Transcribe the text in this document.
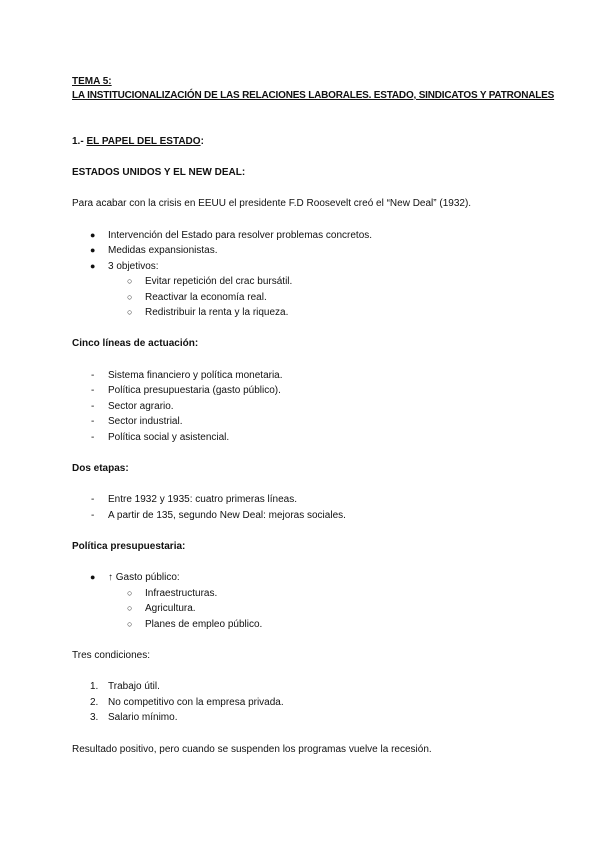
TEMA 5:
LA INSTITUCIONALIZACIÓN DE LAS RELACIONES LABORALES. ESTADO, SINDICATOS Y PATRONALES
1.- EL PAPEL DEL ESTADO:
ESTADOS UNIDOS Y EL NEW DEAL:
Para acabar con la crisis en EEUU el presidente F.D Roosevelt creó el “New Deal” (1932).
● Intervención del Estado para resolver problemas concretos.
● Medidas expansionistas.
● 3 objetivos:
○ Evitar repetición del crac bursátil.
○ Reactivar la economía real.
○ Redistribuir la renta y la riqueza.
Cinco líneas de actuación:
- Sistema financiero y política monetaria.
- Política presupuestaria (gasto público).
- Sector agrario.
- Sector industrial.
- Política social y asistencial.
Dos etapas:
- Entre 1932 y 1935: cuatro primeras líneas.
- A partir de 135, segundo New Deal: mejoras sociales.
Política presupuestaria:
● ↑ Gasto público:
○ Infraestructuras.
○ Agricultura.
○ Planes de empleo público.
Tres condiciones:
1. Trabajo útil.
2. No competitivo con la empresa privada.
3. Salario mínimo.
Resultado positivo, pero cuando se suspenden los programas vuelve la recesión.
